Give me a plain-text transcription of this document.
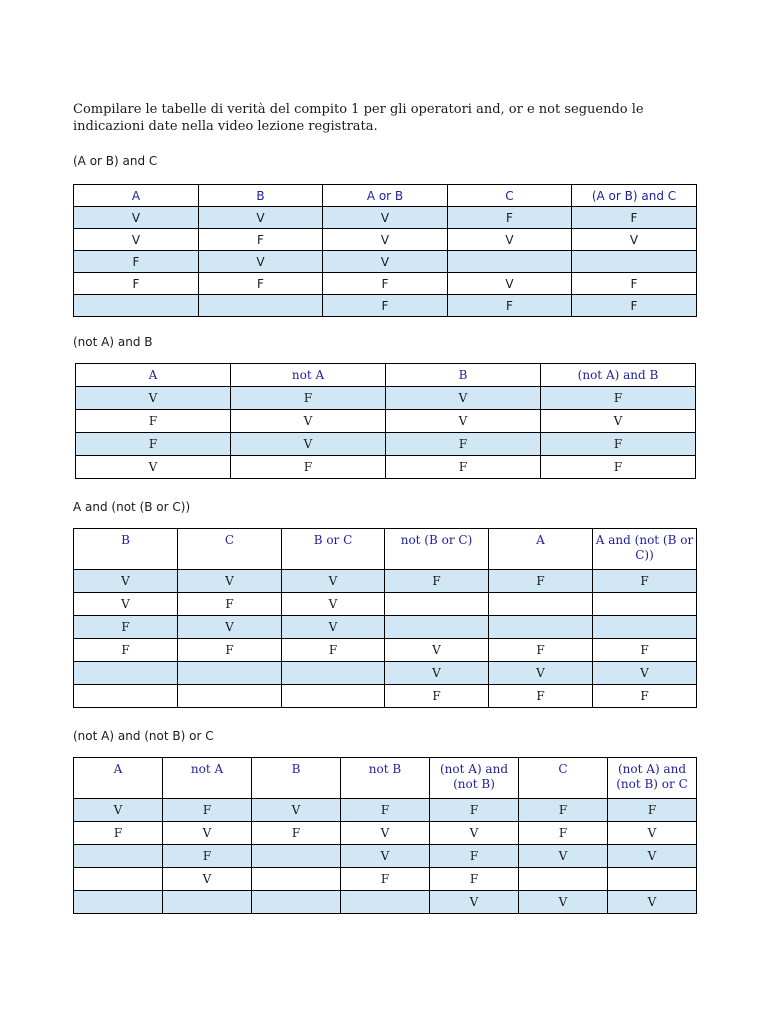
Compilare le tabelle di verità del compito 1 per gli operatori and, or e not seguendo le indicazioni date nella video lezione registrata.

(A or B) and C

A	B	A or B	C	(A or B) and C
V	V	V	F	F
V	F	V	V	V
F	V	V		
F	F	F	V	F
		F	F	F

(not A) and B

A	not A	B	(not A) and B
V	F	V	F
F	V	V	V
F	V	F	F
V	F	F	F

A and (not (B or C))

B	C	B or C	not (B or C)	A	A and (not (B or C))
V	V	V	F	F	F
V	F	V			
F	V	V			
F	F	F	V	F	F
			V	V	V
			F	F	F

(not A) and (not B) or C

A	not A	B	not B	(not A) and (not B)	C	(not A) and (not B) or C
V	F	V	F	F	F	F
F	V	F	V	V	F	V
	F		V	F	V	V
	V		F	F		
				V	V	V
